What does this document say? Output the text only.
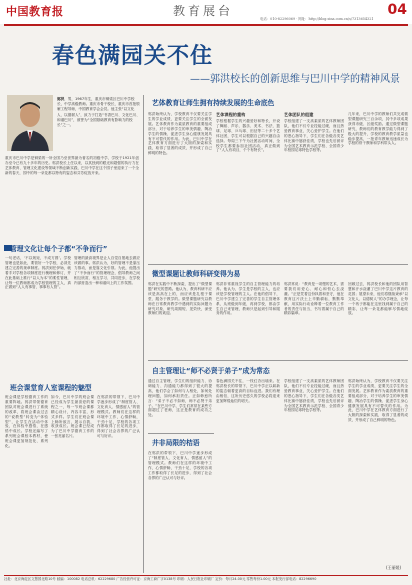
中国教育报	教育展台	04
电话：010-82296069 · 网址：http://blog.sina.com.cn/s/7313654321
春色满园关不住
——郭洪校长的创新思维与巴川中学的精神风景
郭洪，男，1967年生，重庆市铜梁区巴川中学校长，中学高级教师。重庆市骨干校长，重庆市首批领雁工程导师，中国教育学会会员。他主张“以文化人、以德树人”，致力于打造“书香巴川、文化巴川、和谐巴川”，被誉为“全国基础教育有影响力的校长”之一。
重庆市巴川中学是铜梁的一所全国乃至世界最为著名的初级中学，学校于1921年创办至今已有九十多年的历史。郭洪校长上任以来，以其独到的眼光和超强的执行力在艺体教育、管理文化建设等领域不断创新实践，巴川中学在这个园子里迎来了一个全新的春天，园中的每一朵花都以特有的姿态和芬芳绽放开来。
管理文化让每个子都“不争而行”
一句老话，‘不以规矩，不成方圆’。学校管理也是如此，要管好一个学校，必须先建立完善的规章制度。郭洪到任伊始，就着手对学校各项制度进行梳理和修订，并在此基础上推行“以人为本”的柔性管理，让每一位教师都成为学校管理的主人，真正做到“人人有事管，事事有人管”。
管理的最高境界是让人自觉自愿地去做应该做的事。郭洪认为，好的管理不是靠压力推动，而是靠文化引领。为此，他提出了“不争而行”的管理理念，倡导教师之间相互欣赏、相互学习、共同进步，在学校内部营造出一种和谐向上的工作氛围。
班会课堂育人室课程的魅型
班会课是学校德育工作的重要阵地。郭洪带领德育团队对班会课进行了系统的改革，将班会课由过去的“说教型”转变为“体验型”，让学生在活动中体验，在体验中感悟，在感悟中成长。学校还编写了系列班会课校本教材，使班会课更加规范化、系列化。
如今，巴川中学的班会课已经成为学生最喜爱的课程之一，每一节班会课都精心设计，内容丰富，形式多样。学生们在班会课上畅所欲言，展示自我，收获成长。班会课已经成为了巴川中学德育工作的一张亮丽名片。
在郭洪的带领下，巴川中学逐步形成了“制度管人、文化育人、情感留人”的管理模式。教师们在这样的环境中工作，心情舒畅，干劲十足，学校的各项工作都取得了长足的进步，得到了社会各界的广泛认可与好评。
艺体教育让师生拥有持续发展的生命底色
郭洪始终认为，学校教育不仅要关注学生的学业成绩，更要关注学生的全面发展。艺体教育作为素质教育的重要组成部分，对于培养学生的审美情趣、陶冶学生的情操、促进学生身心健康发展具有不可替代的作用。为此，巴川中学在艺体教育方面进行了大胆的探索和实践，取得了显著的成效，并形成了自己鲜明的特色。
艺体课程的重构
学校根据学生的兴趣爱好和特长，开设了舞蹈、声乐、器乐、美术、书法、篮球、足球、乒乓球、田径等二十多个艺体社团，学生可以根据自己的兴趣自由选择。每周三下午为社团活动时间，全校学生都要参加社团活动，真正做到了“人人有项目，个个有特长”。
艺体团队的组建
学校组建了一支高素质的艺体教师团队，他们不仅专业技能过硬，而且热爱教育事业，关心爱护学生。在他们的悉心指导下，学生们在各级各类艺体比赛中屡获佳绩，学校也先后被评为全国艺术教育示范学校、全国青少年校园足球特色学校等。
几年来，巴川中学的教师们共完成微型课题研究三百余项，其中多项成果获得市级、区级奖励。通过微型课题研究，教师们的教育教学能力得到了极大的提升，学校的教育教学质量也稳步提高，一批青年教师迅速成长为学校的骨干教师和学科带头人。
微型课题让教师科研变得为易
郭洪在实践中不断探索，提出了“微型课题”研究的思路。他认为，教育科研不应该是高高在上的，而应该是扎根于课堂、服务于教学的。微型课题研究以教师在日常教育教学中遇到的实际问题为研究对象，研究周期短、见效快，深受教师们的欢迎。
郭洪非常重视学生的自主管理能力的培养。他认为，学生是学校的主人，也应该是学校管理的主人。在他的倡导下，巴川中学建立了完善的学生自主管理体系，从班级到年级，再到学校，都由学生自己来管理，教师只是起到引导和服务的作用。
郭洪常说：“教育是一项慢的艺术，需要我们用爱心、耐心和恒心去浇灌。”正是凭着这份执着和坚守，他在教育这片沃土上辛勤耕耘，默默奉献，用实际行动诠释着一位教育工作者的责任与担当，书写着属于自己的精彩篇章。
回顾过去，郭洪校长和他的团队用智慧和汗水浇灌了巴川中学这片教育的花园；展望未来，他们将继续秉承“以文化人、以德树人”的办学理念，让每一个孩子都能在这里找到属于自己的精彩，让每一朵花都能够尽情地绽放。
自主管理让“师不必贤于弟子”成为常态
通过自主管理，学生们的组织能力、协调能力、沟通能力都得到了很大的提高，他们学会了如何与人相处，如何处理问题，如何承担责任。正如韩愈所言：“弟子不必不如师，师不必贤于弟子。”在巴川中学，学生们常常在某些方面超过了老师，这正是教育的成功之处。
春色满园关不住，一枝红杏出墙来。在郭洪校长的带领下，巴川中学正以崭新的姿态朝着更高的目标迈进。我们有理由相信，这所历史悠久的学校必将迎来更加辉煌灿烂的明天。
学校组建了一支高素质的艺体教师团队，他们不仅专业技能过硬，而且热爱教育事业，关心爱护学生。在他们的悉心指导下，学生们在各级各类艺体比赛中屡获佳绩，学校也先后被评为全国艺术教育示范学校、全国青少年校园足球特色学校等。
郭洪始终认为，学校教育不仅要关注学生的学业成绩，更要关注学生的全面发展。艺体教育作为素质教育的重要组成部分，对于培养学生的审美情趣、陶冶学生的情操、促进学生身心健康发展具有不可替代的作用。为此，巴川中学在艺体教育方面进行了大胆的探索和实践，取得了显著的成效，并形成了自己鲜明的特色。
井非局限的桔语
在郭洪的带领下，巴川中学逐步形成了“制度管人、文化育人、情感留人”的管理模式。教师们在这样的环境中工作，心情舒畅，干劲十足，学校的各项工作都取得了长足的进步，得到了社会各界的广泛认可与好评。
(王丽媛)
社址：北京海淀区文慧园北路10号 邮编：100082 电话总机：62229680 广告经营许可证：京海工商广字0138号 印刷：人民日报社印刷厂 定价：每月24.00元 零售每份1.00元 本报发行部电话：82296690
